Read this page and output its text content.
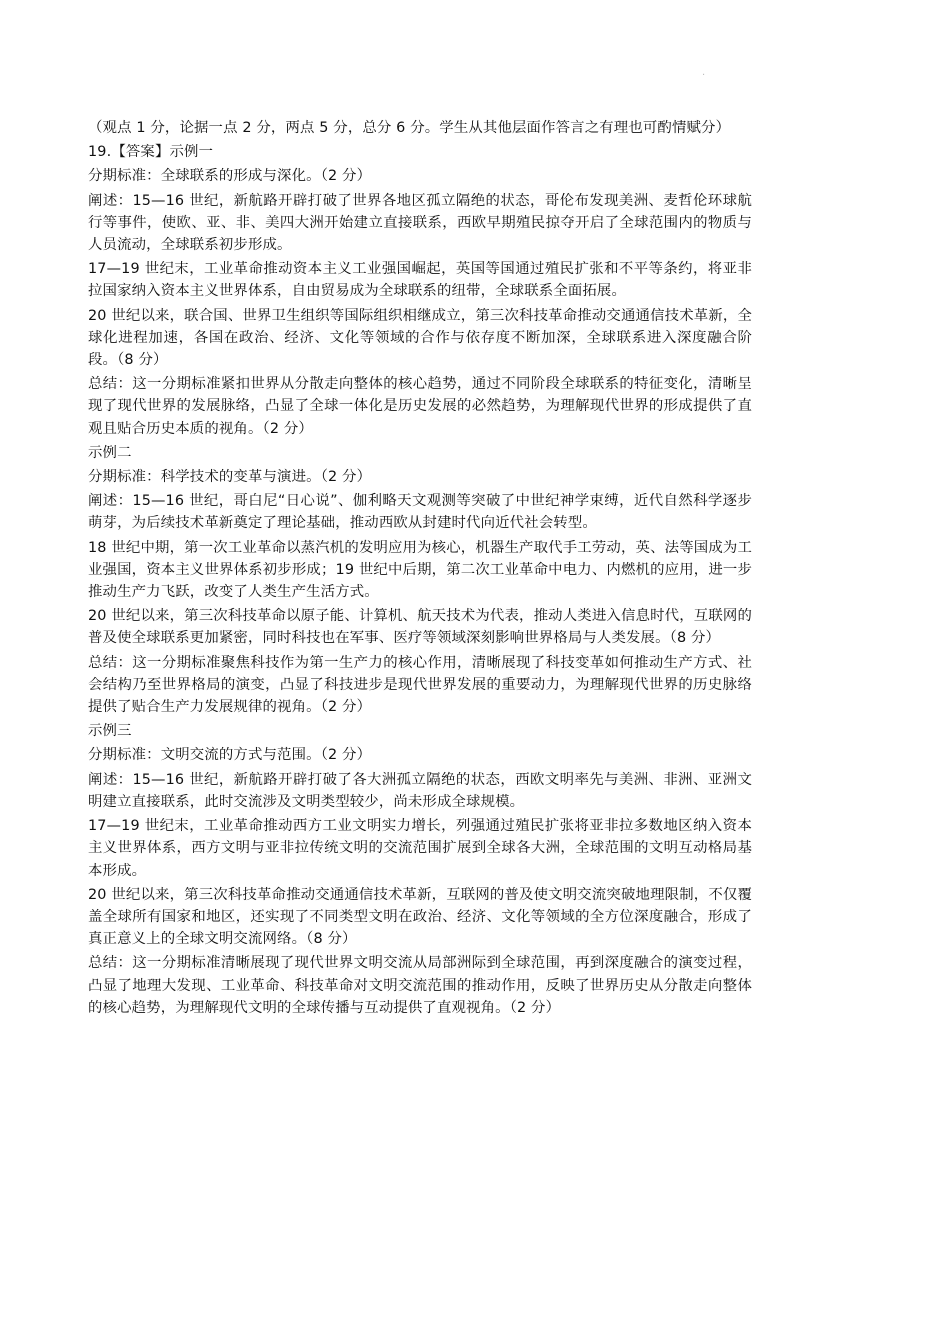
·

（观点 1 分，论据一点 2 分，两点 5 分，总分 6 分。学生从其他层面作答言之有理也可酌情赋分）

19.【答案】示例一

分期标准：全球联系的形成与深化。（2 分）

阐述：15—16 世纪，新航路开辟打破了世界各地区孤立隔绝的状态，哥伦布发现美洲、麦哲伦环球航行等事件，使欧、亚、非、美四大洲开始建立直接联系，西欧早期殖民掠夺开启了全球范围内的物质与人员流动，全球联系初步形成。

17—19 世纪末，工业革命推动资本主义工业强国崛起，英国等国通过殖民扩张和不平等条约，将亚非拉国家纳入资本主义世界体系，自由贸易成为全球联系的纽带，全球联系全面拓展。

20 世纪以来，联合国、世界卫生组织等国际组织相继成立，第三次科技革命推动交通通信技术革新，全球化进程加速，各国在政治、经济、文化等领域的合作与依存度不断加深，全球联系进入深度融合阶段。（8 分）

总结：这一分期标准紧扣世界从分散走向整体的核心趋势，通过不同阶段全球联系的特征变化，清晰呈现了现代世界的发展脉络，凸显了全球一体化是历史发展的必然趋势，为理解现代世界的形成提供了直观且贴合历史本质的视角。（2 分）

示例二

分期标准：科学技术的变革与演进。（2 分）

阐述：15—16 世纪，哥白尼“日心说”、伽利略天文观测等突破了中世纪神学束缚，近代自然科学逐步萌芽，为后续技术革新奠定了理论基础，推动西欧从封建时代向近代社会转型。

18 世纪中期，第一次工业革命以蒸汽机的发明应用为核心，机器生产取代手工劳动，英、法等国成为工业强国，资本主义世界体系初步形成；19 世纪中后期，第二次工业革命中电力、内燃机的应用，进一步推动生产力飞跃，改变了人类生产生活方式。

20 世纪以来，第三次科技革命以原子能、计算机、航天技术为代表，推动人类进入信息时代，互联网的普及使全球联系更加紧密，同时科技也在军事、医疗等领域深刻影响世界格局与人类发展。（8 分）

总结：这一分期标准聚焦科技作为第一生产力的核心作用，清晰展现了科技变革如何推动生产方式、社会结构乃至世界格局的演变，凸显了科技进步是现代世界发展的重要动力，为理解现代世界的历史脉络提供了贴合生产力发展规律的视角。（2 分）

示例三

分期标准：文明交流的方式与范围。（2 分）

阐述：15—16 世纪，新航路开辟打破了各大洲孤立隔绝的状态，西欧文明率先与美洲、非洲、亚洲文明建立直接联系，此时交流涉及文明类型较少，尚未形成全球规模。

17—19 世纪末，工业革命推动西方工业文明实力增长，列强通过殖民扩张将亚非拉多数地区纳入资本主义世界体系，西方文明与亚非拉传统文明的交流范围扩展到全球各大洲，全球范围的文明互动格局基本形成。

20 世纪以来，第三次科技革命推动交通通信技术革新，互联网的普及使文明交流突破地理限制，不仅覆盖全球所有国家和地区，还实现了不同类型文明在政治、经济、文化等领域的全方位深度融合，形成了真正意义上的全球文明交流网络。（8 分）

总结：这一分期标准清晰展现了现代世界文明交流从局部洲际到全球范围，再到深度融合的演变过程，凸显了地理大发现、工业革命、科技革命对文明交流范围的推动作用，反映了世界历史从分散走向整体的核心趋势，为理解现代文明的全球传播与互动提供了直观视角。（2 分）
